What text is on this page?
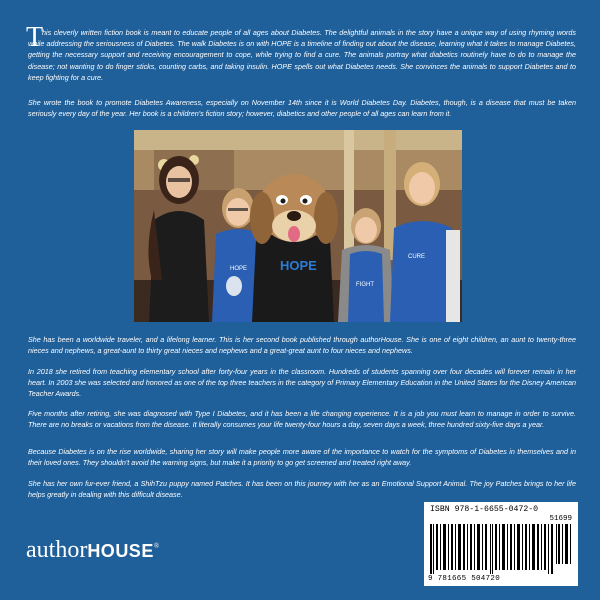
T

his cleverly written fiction book is meant to educate people of all ages about Diabetes. The delightful animals in the story have a unique way of using rhyming words while addressing the seriousness of Diabetes. The walk Diabetes is on with HOPE is a timeline of finding out about the disease, learning what it takes to manage Diabetes, getting the necessary support and receiving encouragement to cope, while trying to find a cure. The animals portray what diabetics routinely have to do to manage the disease; not wanting to do finger sticks, counting carbs, and taking insulin. HOPE spells out what Diabetes needs. She convinces the animals to support Diabetes and to keep fighting for a cure.

She wrote the book to promote Diabetes Awareness, especially on November 14th since it is World Diabetes Day. Diabetes, though, is a disease that must be taken seriously every day of the year. Her book is a children's fiction story; however, diabetics and other people of all ages can learn from it.

HOPE	HOPE
FIGHT
CURE

She has been a worldwide traveler, and a lifelong learner. This is her second book published through authorHouse. She is one of eight children, an aunt to twenty-three nieces and nephews, a great-aunt to thirty great nieces and nephews and a great-great aunt to four nieces and nephews.

In 2018 she retired from teaching elementary school after forty-four years in the classroom. Hundreds of students spanning over four decades will forever remain in her heart. In 2003 she was selected and honored as one of the top three teachers in the category of Primary Elementary Education in the United States for the Disney American Teacher Awards.

Five months after retiring, she was diagnosed with Type I Diabetes, and it has been a life changing experience. It is a job you must learn to manage in order to survive. There are no breaks or vacations from the disease. It literally consumes your life twenty-four hours a day, seven days a week, three hundred sixty-five days a year.

Because Diabetes is on the rise worldwide, sharing her story will make people more aware of the importance to watch for the symptoms of Diabetes in themselves and in their loved ones. They shouldn't avoid the warning signs, but make it a priority to go get screened and treated right away.

She has her own fur-ever friend, a ShihTzu puppy named Patches. It has been on this journey with her as an Emotional Support Animal. The joy Patches brings to her life helps greatly in dealing with this difficult disease.

authorHOUSE®
ISBN 978-1-6655-0472-0
51699
9 781665 504720
